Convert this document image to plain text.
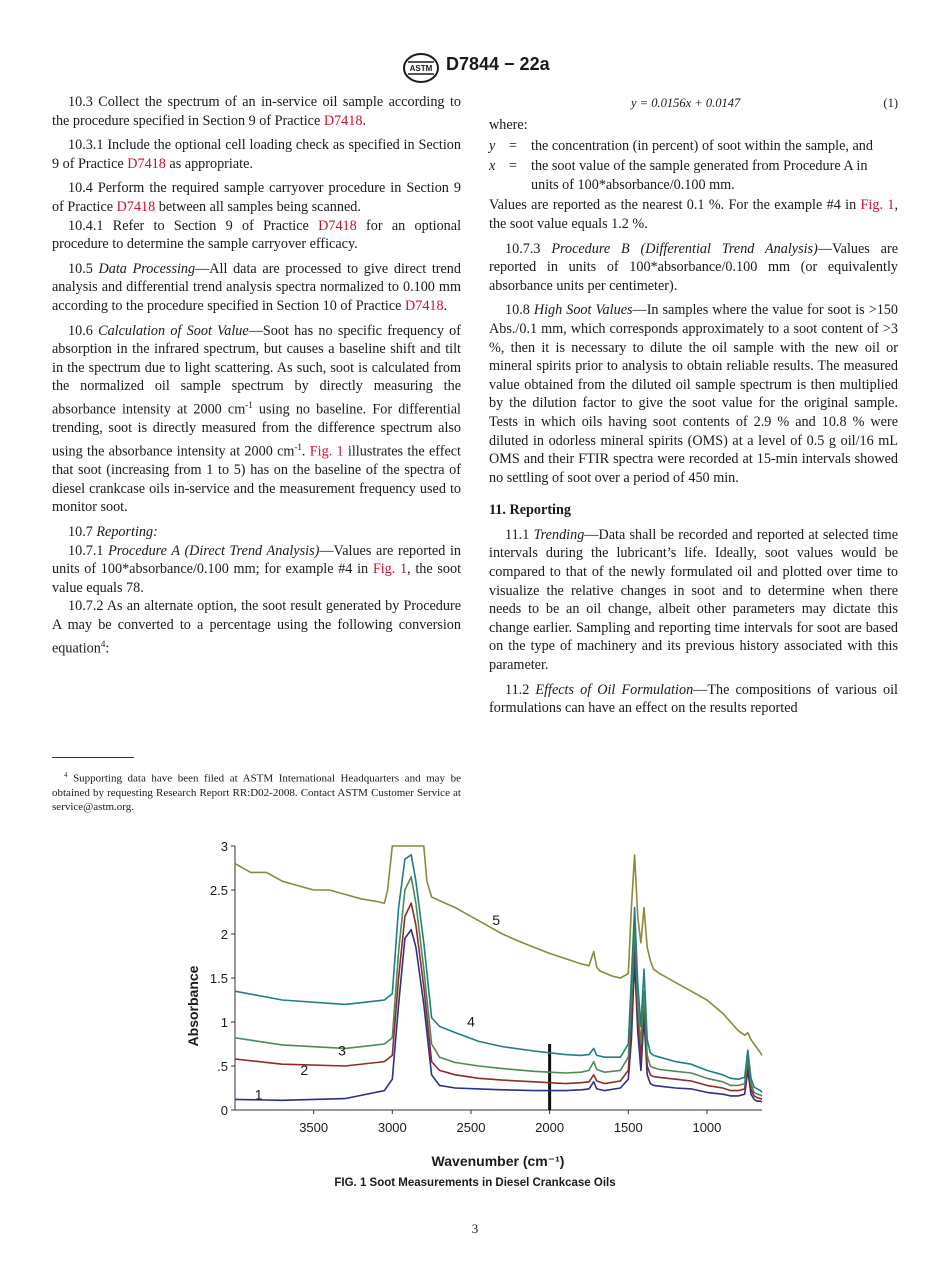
ASTM D7844 − 22a

10.3 Collect the spectrum of an in-service oil sample according to the procedure specified in Section 9 of Practice D7418.

10.3.1 Include the optional cell loading check as specified in Section 9 of Practice D7418 as appropriate.

10.4 Perform the required sample carryover procedure in Section 9 of Practice D7418 between all samples being scanned.

10.4.1 Refer to Section 9 of Practice D7418 for an optional procedure to determine the sample carryover efficacy.

10.5 Data Processing—All data are processed to give direct trend analysis and differential trend analysis spectra normalized to 0.100 mm according to the procedure specified in Section 10 of Practice D7418.

10.6 Calculation of Soot Value—Soot has no specific frequency of absorption in the infrared spectrum, but causes a baseline shift and tilt in the spectrum due to light scattering. As such, soot is calculated from the normalized oil sample spectrum by directly measuring the absorbance intensity at 2000 $cm^{-1}$ using no baseline. For differential trending, soot is directly measured from the difference spectrum also using the absorbance intensity at 2000 $cm^{-1}$. Fig. 1 illustrates the effect that soot (increasing from 1 to 5) has on the baseline of the spectra of diesel crankcase oils in-service and the measurement frequency used to monitor soot.

10.7 Reporting:

10.7.1 Procedure A (Direct Trend Analysis)—Values are reported in units of 100*absorbance/0.100 mm; for example #4 in Fig. 1, the soot value equals 78.

10.7.2 As an alternate option, the soot result generated by Procedure A may be converted to a percentage using the following conversion equation$^4$:

$^4$ Supporting data have been filed at ASTM International Headquarters and may be obtained by requesting Research Report RR:D02-2008. Contact ASTM Customer Service at service@astm.org.
y = 0.0156x + 0.0147	(1)

where:

y = the concentration (in percent) of soot within the sample, and
x = the soot value of the sample generated from Procedure A in units of 100*absorbance/0.100 mm.

Values are reported as the nearest 0.1 %. For the example #4 in Fig. 1, the soot value equals 1.2 %.

10.7.3 Procedure B (Differential Trend Analysis)—Values are reported in units of 100*absorbance/0.100 mm (or equivalently absorbance units per centimeter).

10.8 High Soot Values—In samples where the value for soot is >150 Abs./0.1 mm, which corresponds approximately to a soot content of >3 %, then it is necessary to dilute the oil sample with the new oil or mineral spirits prior to analysis to obtain reliable results. The measured value obtained from the diluted oil sample spectrum is then multiplied by the dilution factor to give the soot value for the original sample. Tests in which oils having soot contents of 2.9 % and 10.8 % were diluted in odorless mineral spirits (OMS) at a level of 0.5 g oil/16 mL OMS and their FTIR spectra were recorded at 15-min intervals showed no settling of soot over a period of 450 min.

11. Reporting

11.1 Trending—Data shall be recorded and reported at selected time intervals during the lubricant’s life. Ideally, soot values would be compared to that of the newly formulated oil and plotted over time to visualize the relative changes in soot and to determine when there needs to be an oil change, albeit other parameters may dictate this change earlier. Sampling and reporting time intervals for soot are based on the type of machinery and its previous history associated with this parameter.

11.2 Effects of Oil Formulation—The compositions of various oil formulations can have an effect on the results reported

0
.5
1
1.5
2
2.5
3
3500	3000	2500	2000	1500	1000
1
2
3
4
5
Wavenumber (cm⁻¹)
Absorbance
FIG. 1 Soot Measurements in Diesel Crankcase Oils
3
